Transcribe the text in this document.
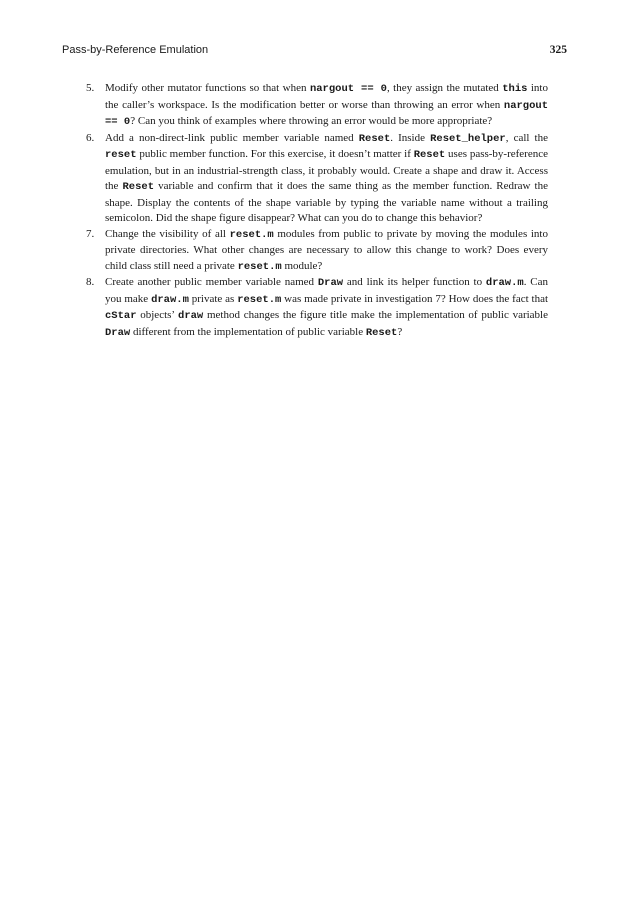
Pass-by-Reference Emulation	325
5. Modify other mutator functions so that when nargout == 0, they assign the mutated this into the caller’s workspace. Is the modification better or worse than throwing an error when nargout == 0? Can you think of examples where throwing an error would be more appropriate?
6. Add a non-direct-link public member variable named Reset. Inside Reset_helper, call the reset public member function. For this exercise, it doesn’t matter if Reset uses pass-by-reference emulation, but in an industrial-strength class, it probably would. Create a shape and draw it. Access the Reset variable and confirm that it does the same thing as the member function. Redraw the shape. Display the contents of the shape variable by typing the variable name without a trailing semicolon. Did the shape figure disappear? What can you do to change this behavior?
7. Change the visibility of all reset.m modules from public to private by moving the modules into private directories. What other changes are necessary to allow this change to work? Does every child class still need a private reset.m module?
8. Create another public member variable named Draw and link its helper function to draw.m. Can you make draw.m private as reset.m was made private in investigation 7? How does the fact that cStar objects’ draw method changes the figure title make the implementation of public variable Draw different from the implementation of public variable Reset?
